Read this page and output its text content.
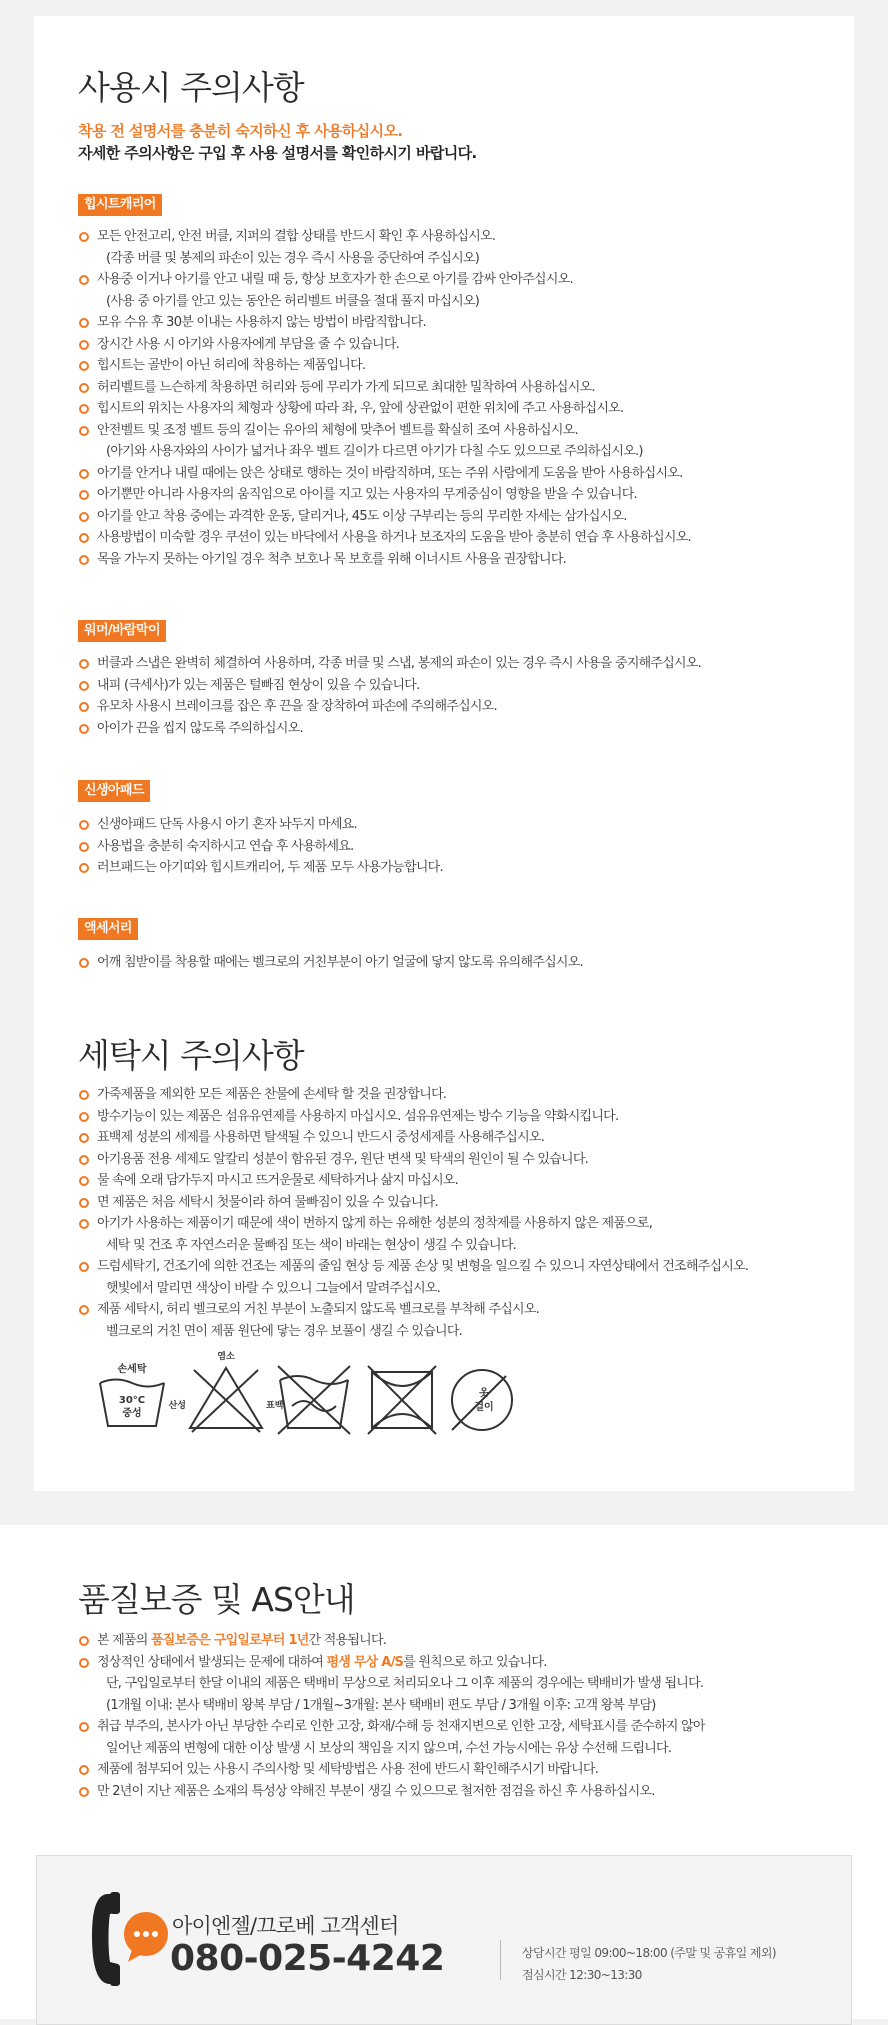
사용시 주의사항
착용 전 설명서를 충분히 숙지하신 후 사용하십시오.
자세한 주의사항은 구입 후 사용 설명서를 확인하시기 바랍니다.
힙시트캐리어
모든 안전고리, 안전 버클, 지퍼의 결합 상태를 반드시 확인 후 사용하십시오.
(각종 버클 및 봉제의 파손이 있는 경우 즉시 사용을 중단하여 주십시오)
사용중 이거나 아기를 안고 내릴 때 등, 항상 보호자가 한 손으로 아기를 감싸 안아주십시오.
(사용 중 아기를 안고 있는 동안은 허리벨트 버클을 절대 풀지 마십시오)
모유 수유 후 30분 이내는 사용하지 않는 방법이 바람직합니다.
장시간 사용 시 아기와 사용자에게 부담을 줄 수 있습니다.
힙시트는 골반이 아닌 허리에 착용하는 제품입니다.
허리벨트를 느슨하게 착용하면 허리와 등에 무리가 가게 되므로 최대한 밀착하여 사용하십시오.
힙시트의 위치는 사용자의 체형과 상황에 따라 좌, 우, 앞에 상관없이 편한 위치에 주고 사용하십시오.
안전벨트 및 조정 벨트 등의 길이는 유아의 체형에 맞추어 벨트를 확실히 조여 사용하십시오.
(아기와 사용자와의 사이가 넓거나 좌우 벨트 길이가 다르면 아기가 다칠 수도 있으므로 주의하십시오.)
아기를 안거나 내릴 때에는 앉은 상태로 행하는 것이 바람직하며, 또는 주위 사람에게 도움을 받아 사용하십시오.
아기뿐만 아니라 사용자의 움직임으로 아이를 지고 있는 사용자의 무게중심이 영향을 받을 수 있습니다.
아기를 안고 착용 중에는 과격한 운동, 달리거나, 45도 이상 구부리는 등의 무리한 자세는 삼가십시오.
사용방법이 미숙할 경우 쿠션이 있는 바닥에서 사용을 하거나 보조자의 도움을 받아 충분히 연습 후 사용하십시오.
목을 가누지 못하는 아기일 경우 척추 보호나 목 보호를 위해 이너시트 사용을 권장합니다.
워머/바람막이
버클과 스냅은 완벽히 체결하여 사용하며, 각종 버클 및 스냅, 봉제의 파손이 있는 경우 즉시 사용을 중지해주십시오.
내피 (극세사)가 있는 제품은 털빠짐 현상이 있을 수 있습니다.
유모차 사용시 브레이크를 잡은 후 끈을 잘 장착하여 파손에 주의해주십시오.
아이가 끈을 씹지 않도록 주의하십시오.
신생아패드
신생아패드 단독 사용시 아기 혼자 놔두지 마세요.
사용법을 충분히 숙지하시고 연습 후 사용하세요.
러브패드는 아기띠와 힙시트캐리어, 두 제품 모두 사용가능합니다.
액세서리
어깨 침받이를 착용할 때에는 벨크로의 거친부분이 아기 얼굴에 닿지 않도록 유의해주십시오.
세탁시 주의사항
가죽제품을 제외한 모든 제품은 찬물에 손세탁 할 것을 권장합니다.
방수기능이 있는 제품은 섬유유연제를 사용하지 마십시오. 섬유유연제는 방수 기능을 약화시킵니다.
표백제 성분의 세제를 사용하면 탈색될 수 있으니 반드시 중성세제를 사용해주십시오.
아기용품 전용 세제도 알칼리 성분이 함유된 경우, 원단 변색 및 탁색의 원인이 될 수 있습니다.
물 속에 오래 담가두지 마시고 뜨거운물로 세탁하거나 삶지 마십시오.
면 제품은 처음 세탁시 첫물이라 하여 물빠짐이 있을 수 있습니다.
아기가 사용하는 제품이기 때문에 색이 번하지 않게 하는 유해한 성분의 정착제를 사용하지 않은 제품으로,
세탁 및 건조 후 자연스러운 물빠짐 또는 색이 바래는 현상이 생길 수 있습니다.
드럼세탁기, 건조기에 의한 건조는 제품의 줄임 현상 등 제품 손상 및 변형을 일으킬 수 있으니 자연상태에서 건조해주십시오.
햇빛에서 말리면 색상이 바랄 수 있으니 그늘에서 말려주십시오.
제품 세탁시, 허리 벨크로의 거친 부분이 노출되지 않도록 벨크로를 부착해 주십시오.
벨크로의 거친 면이 제품 원단에 닿는 경우 보풀이 생길 수 있습니다.
손세탁
30°C
중성
염소
산성	표백
옷
걸이
품질보증 및 AS안내
본 제품의 품질보증은 구입일로부터 1년간 적용됩니다.
정상적인 상태에서 발생되는 문제에 대하여 평생 무상 A/S를 원칙으로 하고 있습니다.
단, 구입일로부터 한달 이내의 제품은 택배비 무상으로 처리되오나 그 이후 제품의 경우에는 택배비가 발생 됩니다.
(1개월 이내: 본사 택배비 왕복 부담 / 1개월~3개월: 본사 택배비 편도 부담 / 3개월 이후: 고객 왕복 부담)
취급 부주의, 본사가 아닌 부당한 수리로 인한 고장, 화재/수해 등 천재지변으로 인한 고장, 세탁표시를 준수하지 않아
일어난 제품의 변형에 대한 이상 발생 시 보상의 책임을 지지 않으며, 수선 가능시에는 유상 수선해 드립니다.
제품에 첨부되어 있는 사용시 주의사항 및 세탁방법은 사용 전에 반드시 확인해주시기 바랍니다.
만 2년이 지난 제품은 소재의 특성상 약해진 부분이 생길 수 있으므로 철저한 점검을 하신 후 사용하십시오.
아이엔젤/끄로베 고객센터
080-025-4242	상담시간 평일 09:00~18:00 (주말 및 공휴일 제외)
점심시간 12:30~13:30
